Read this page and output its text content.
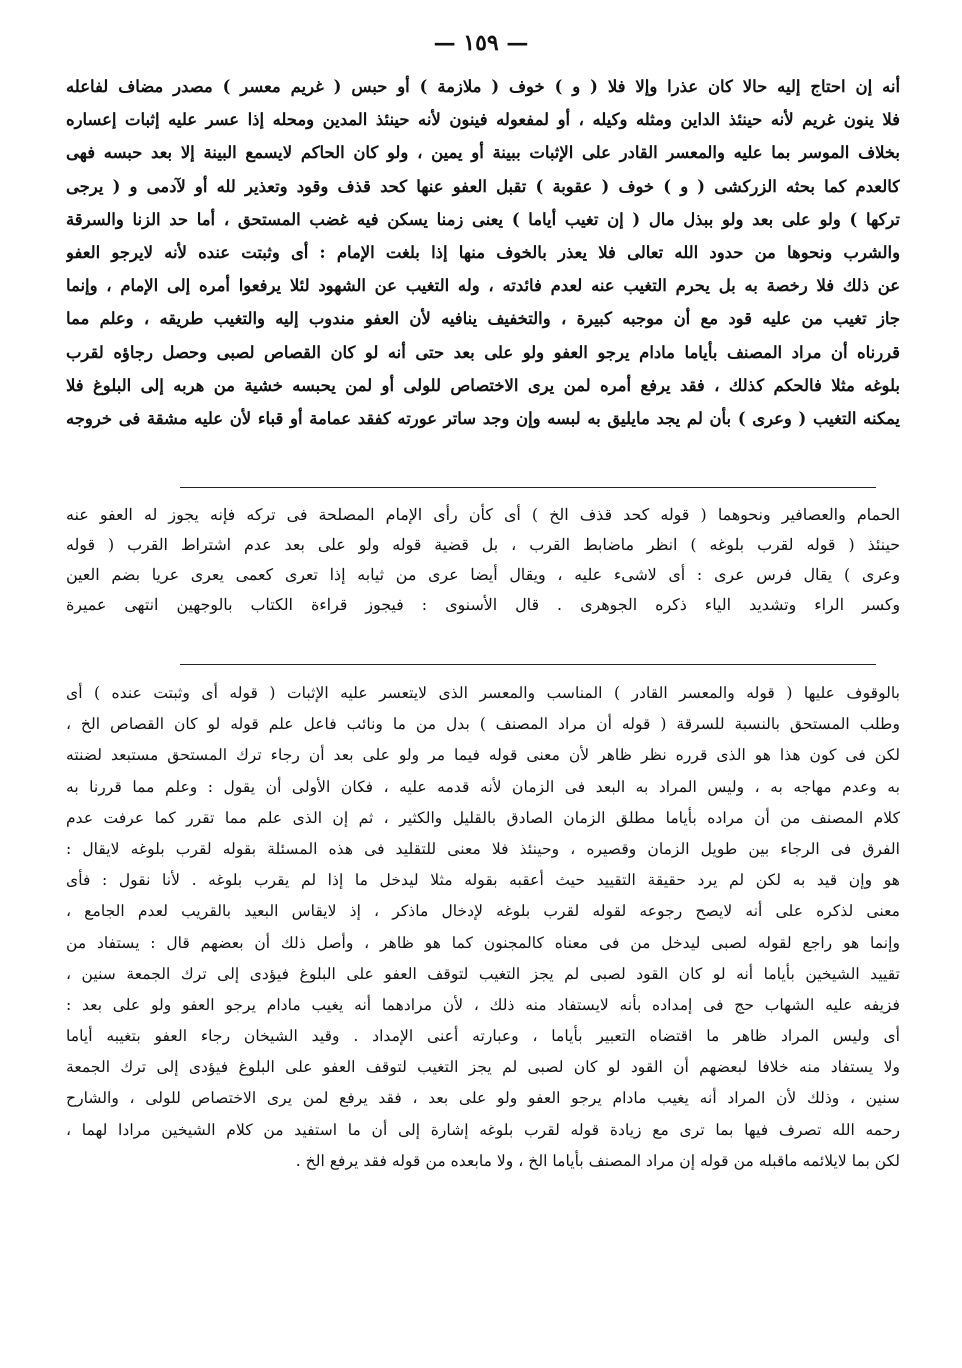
— ١٥٩ —
أنه إن احتاج إليه حالا كان عذرا وإلا فلا ( و ) خوف ( ملازمة ) أو حبس ( غريم معسر ) مصدر مضاف لفاعله
فلا ينون غريم لأنه حينئذ الداين ومثله وكيله ، أو لمفعوله فينون لأنه حينئذ المدين ومحله إذا عسر عليه إثبات إعساره
بخلاف الموسر بما عليه والمعسر القادر على الإثبات ببينة أو يمين ، ولو كان الحاكم لايسمع البينة إلا بعد حبسه فهى
كالعدم كما بحثه الزركشى ( و ) خوف ( عقوبة ) تقبل العفو عنها كحد قذف وقود وتعذير لله أو لآدمى و ( يرجى
تركها ) ولو على بعد ولو ببذل مال ( إن تغيب أياما ) يعنى زمنا يسكن فيه غضب المستحق ، أما حد الزنا والسرقة
والشرب ونحوها من حدود الله تعالى فلا يعذر بالخوف منها إذا بلغت الإمام : أى وثبتت عنده لأنه لايرجو العفو
عن ذلك فلا رخصة به بل يحرم التغيب عنه لعدم فائدته ، وله التغيب عن الشهود لئلا يرفعوا أمره إلى الإمام ، وإنما
جاز تغيب من عليه قود مع أن موجبه كبيرة ، والتخفيف ينافيه لأن العفو مندوب إليه والتغيب طريقه ، وعلم مما
قررناه أن مراد المصنف بأياما مادام يرجو العفو ولو على بعد حتى أنه لو كان القصاص لصبى وحصل رجاؤه لقرب
بلوغه مثلا فالحكم كذلك ، فقد يرفع أمره لمن يرى الاختصاص للولى أو لمن يحبسه خشية من هربه إلى البلوغ فلا
يمكنه التغيب ( وعرى ) بأن لم يجد مايليق به لبسه وإن وجد ساتر عورته كفقد عمامة أو قباء لأن عليه مشقة فى خروجه
الحمام والعصافير ونحوهما ( قوله كحد قذف الخ ) أى كأن رأى الإمام المصلحة فى تركه فإنه يجوز له العفو عنه
حينئذ ( قوله لقرب بلوغه ) انظر ماضابط القرب ، بل قضية قوله ولو على بعد عدم اشتراط القرب ( قوله
وعرى ) يقال فرس عرى : أى لاشىء عليه ، ويقال أيضا عرى من ثيابه إذا تعرى كعمى يعرى عريا بضم العين
وكسر الراء وتشديد الياء ذكره الجوهرى . قال الأسنوى : فيجوز قراءة الكتاب بالوجهين انتهى عميرة
بالوقوف عليها ( قوله والمعسر القادر ) المناسب والمعسر الذى لايتعسر عليه الإثبات ( قوله أى وثبتت عنده ) أى
وطلب المستحق بالنسبة للسرقة ( قوله أن مراد المصنف ) بدل من ما ونائب فاعل علم قوله لو كان القصاص الخ ،
لكن فى كون هذا هو الذى قرره نظر ظاهر لأن معنى قوله فيما مر ولو على بعد أن رجاء ترك المستحق مستبعد لضنته
به وعدم مهاجه به ، وليس المراد به البعد فى الزمان لأنه قدمه عليه ، فكان الأولى أن يقول : وعلم مما قررنا به
كلام المصنف من أن مراده بأياما مطلق الزمان الصادق بالقليل والكثير ، ثم إن الذى علم مما تقرر كما عرفت عدم
الفرق فى الرجاء بين طويل الزمان وقصيره ، وحينئذ فلا معنى للتقليد فى هذه المسئلة بقوله لقرب بلوغه لايقال :
هو وإن قيد به لكن لم يرد حقيقة التقييد حيث أعقبه بقوله مثلا ليدخل ما إذا لم يقرب بلوغه . لأنا نقول : فأى
معنى لذكره على أنه لايصح رجوعه لقوله لقرب بلوغه لإدخال ماذكر ، إذ لايقاس البعيد بالقريب لعدم الجامع ،
وإنما هو راجع لقوله لصبى ليدخل من فى معناه كالمجنون كما هو ظاهر ، وأصل ذلك أن بعضهم قال : يستفاد من
تقييد الشيخين بأياما أنه لو كان القود لصبى لم يجز التغيب لتوقف العفو على البلوغ فيؤدى إلى ترك الجمعة سنين ،
فزيفه عليه الشهاب حج فى إمداده بأنه لايستفاد منه ذلك ، لأن مرادهما أنه يغيب مادام يرجو العفو ولو على بعد :
أى وليس المراد ظاهر ما اقتضاه التعبير بأياما ، وعبارته أعنى الإمداد . وقيد الشيخان رجاء العفو بتغيبه أياما
ولا يستفاد منه خلافا لبعضهم أن القود لو كان لصبى لم يجز التغيب لتوقف العفو على البلوغ فيؤدى إلى ترك الجمعة
سنين ، وذلك لأن المراد أنه يغيب مادام يرجو العفو ولو على بعد ، فقد يرفع لمن يرى الاختصاص للولى ، والشارح
رحمه الله تصرف فيها بما ترى مع زيادة قوله لقرب بلوغه إشارة إلى أن ما استفيد من كلام الشيخين مرادا لهما ،
لكن بما لايلائمه ماقبله من قوله إن مراد المصنف بأياما الخ ، ولا مابعده من قوله فقد يرفع الخ .
